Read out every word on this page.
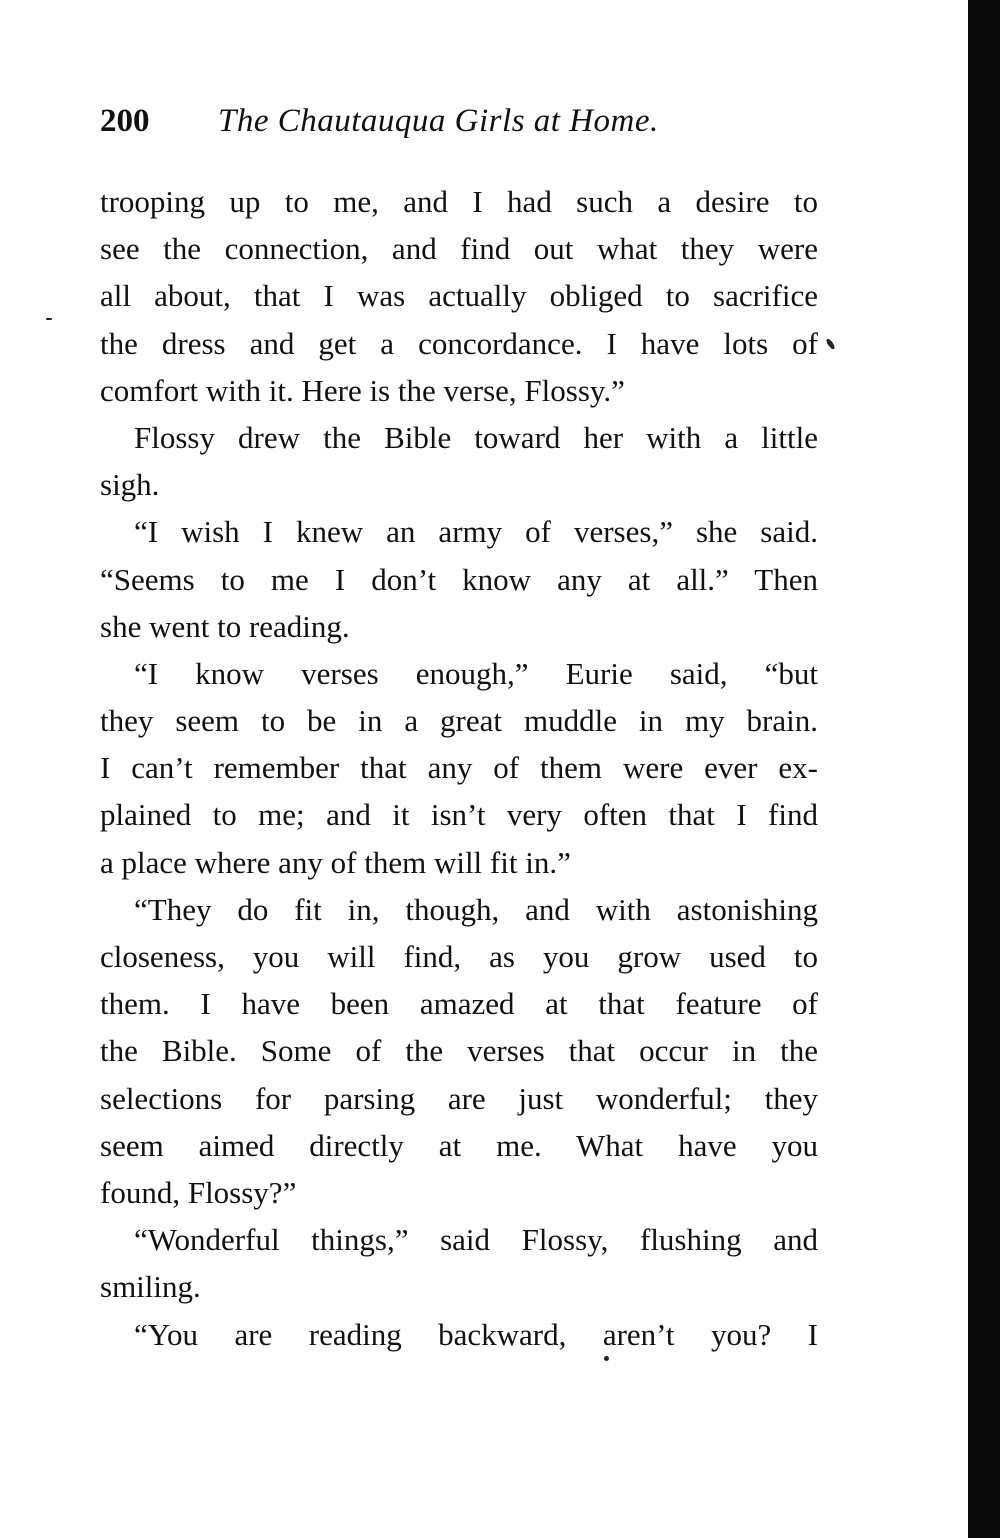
200 The Chautauqua Girls at Home.
trooping up to me, and I had such a desire to
see the connection, and find out what they were
all about, that I was actually obliged to sacrifice
the dress and get a concordance. I have lots of
comfort with it. Here is the verse, Flossy.”
Flossy drew the Bible toward her with a little
sigh.
“I wish I knew an army of verses,” she said.
“Seems to me I don’t know any at all.” Then
she went to reading.
“I know verses enough,” Eurie said, “but
they seem to be in a great muddle in my brain.
I can’t remember that any of them were ever ex-
plained to me; and it isn’t very often that I find
a place where any of them will fit in.”
“They do fit in, though, and with astonishing
closeness, you will find, as you grow used to
them. I have been amazed at that feature of
the Bible. Some of the verses that occur in the
selections for parsing are just wonderful; they
seem aimed directly at me. What have you
found, Flossy?”
“Wonderful things,” said Flossy, flushing and
smiling.
“You are reading backward, aren’t you? I
